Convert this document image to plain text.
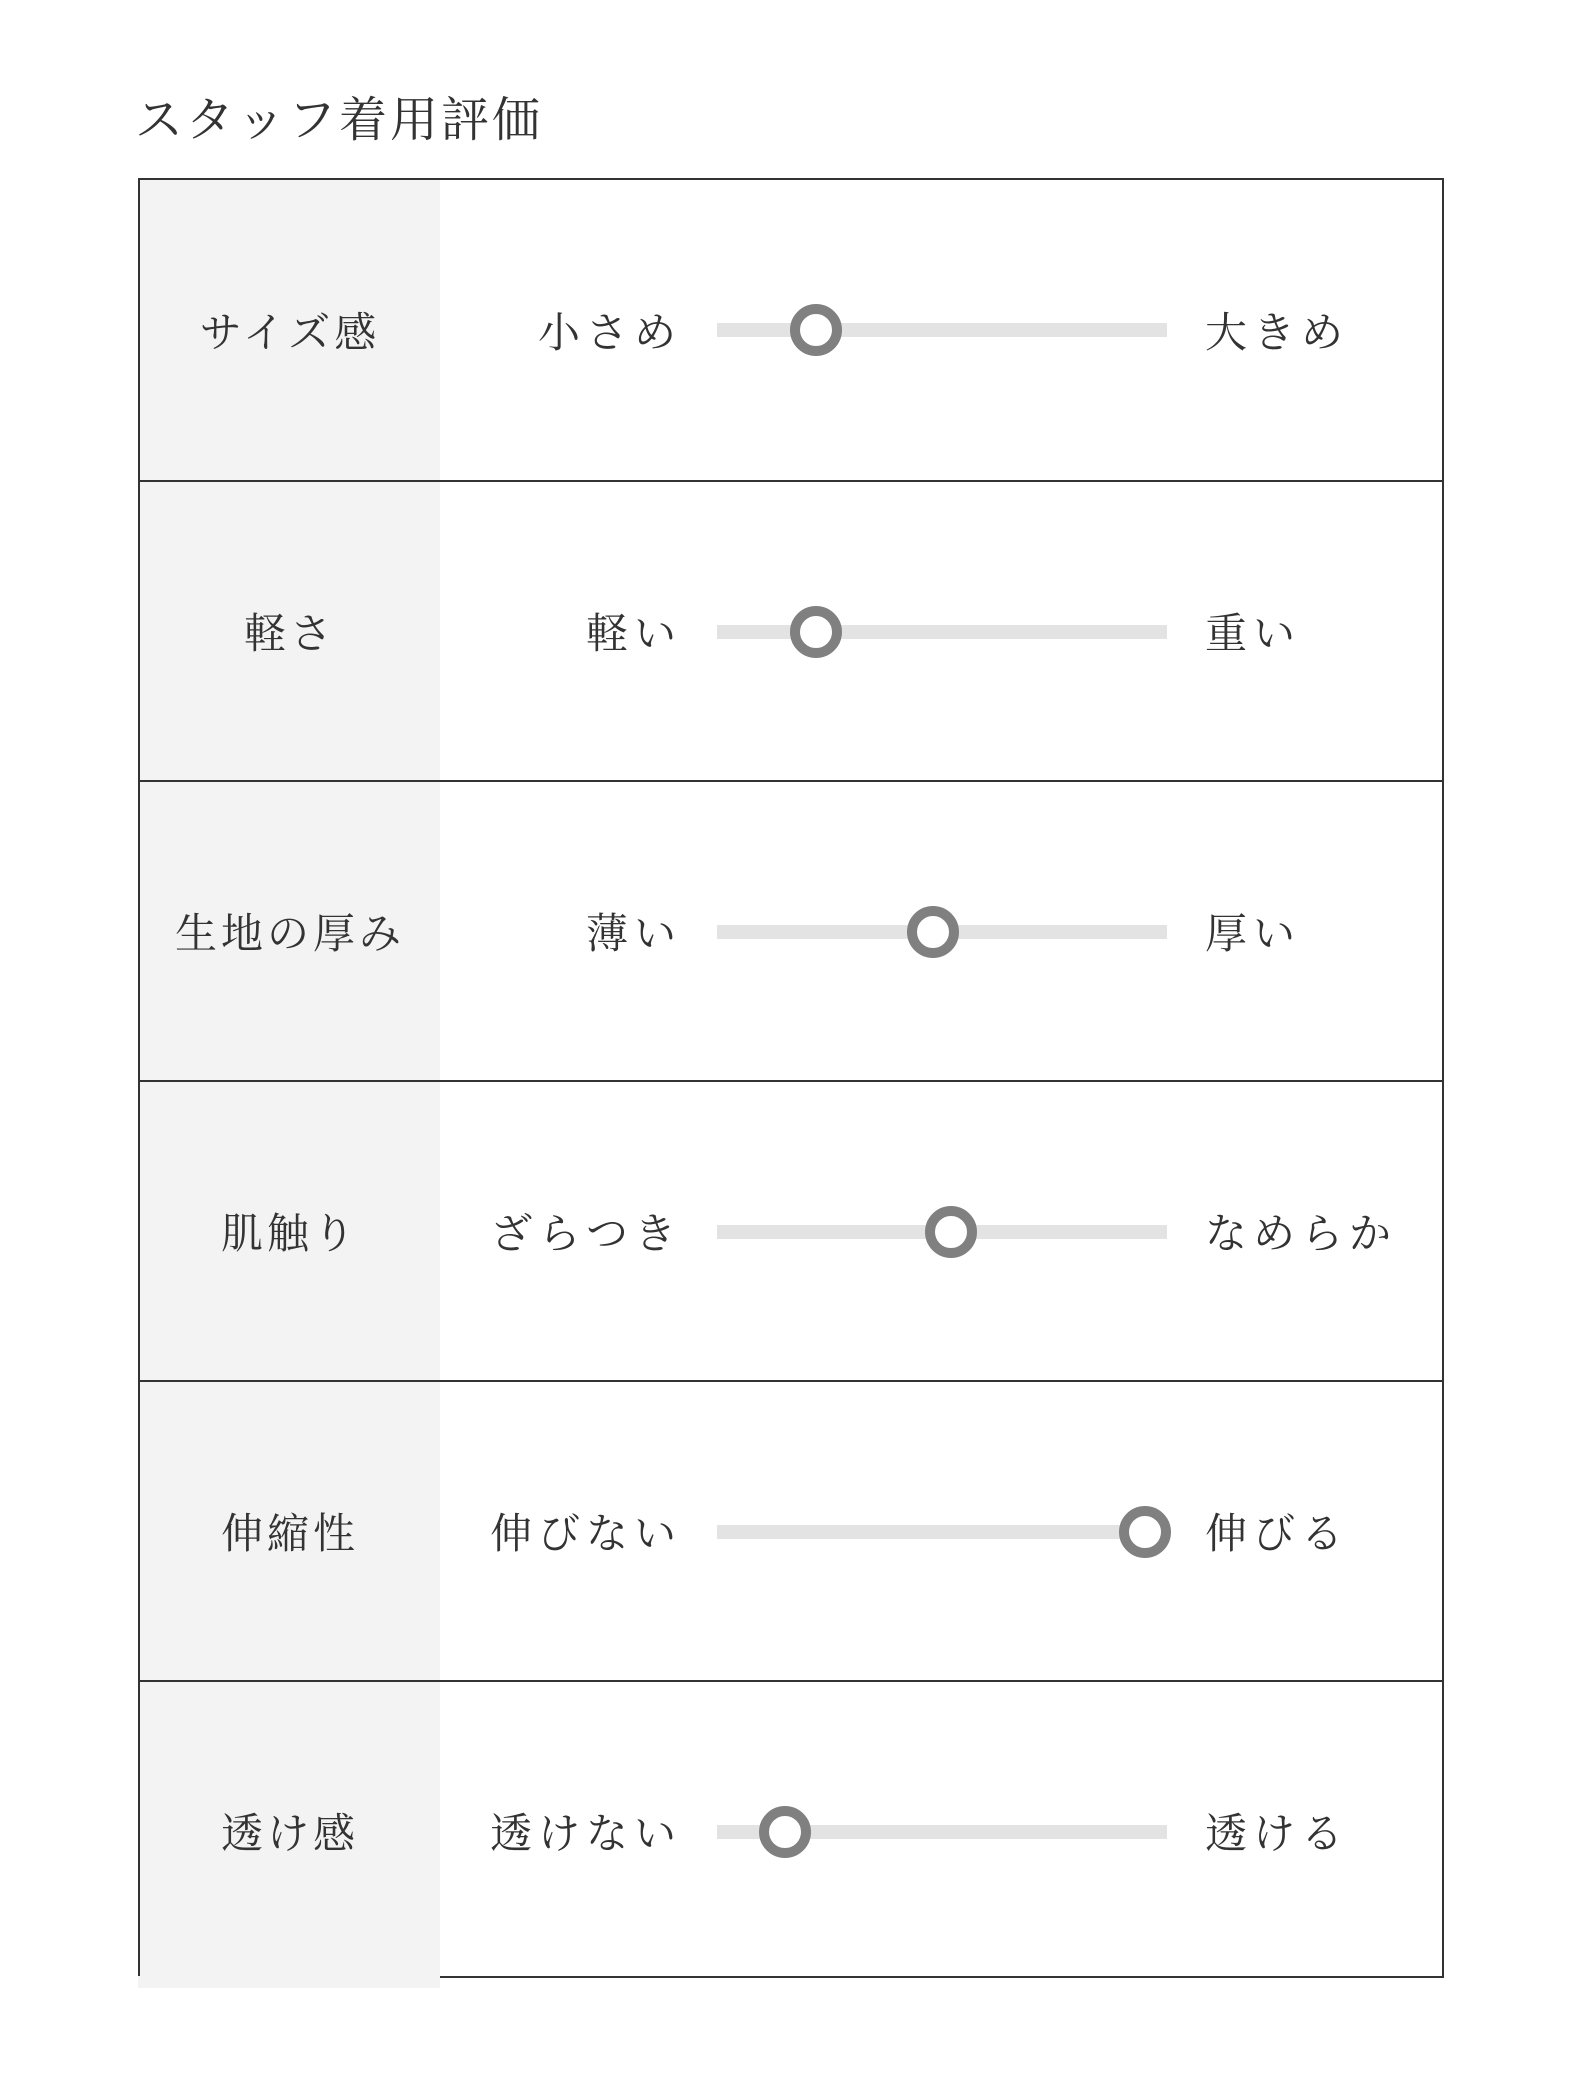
スタッフ着用評価
サイズ感	小さめ	大きめ
軽さ	軽い	重い
生地の厚み	薄い	厚い
肌触り	ざらつき	なめらか
伸縮性	伸びない	伸びる
透け感	透けない	透ける
